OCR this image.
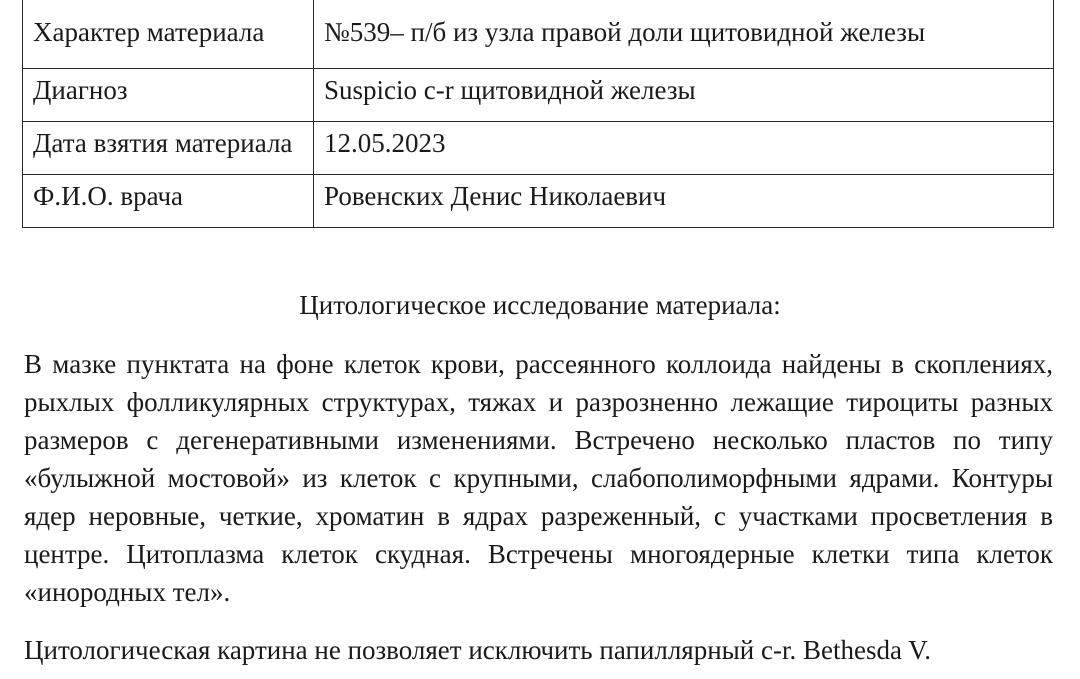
Характер материала	№539– п/б из узла правой доли щитовидной железы
Диагноз	Suspicio c-r щитовидной железы
Дата взятия материала	12.05.2023
Ф.И.О. врача	Ровенских Денис Николаевич
Цитологическое исследование материала:

В мазке пунктата на фоне клеток крови, рассеянного коллоида найдены в скоплениях, рыхлых фолликулярных структурах, тяжах и разрозненно лежащие тироциты разных размеров с дегенеративными изменениями. Встречено несколько пластов по типу «булыжной мостовой» из клеток с крупными, слабополиморфными ядрами. Контуры ядер неровные, четкие, хроматин в ядрах разреженный, с участками просветления в центре. Цитоплазма клеток скудная. Встречены многоядерные клетки типа клеток «инородных тел».

Цитологическая картина не позволяет исключить папиллярный c-r. Bethesda V.
